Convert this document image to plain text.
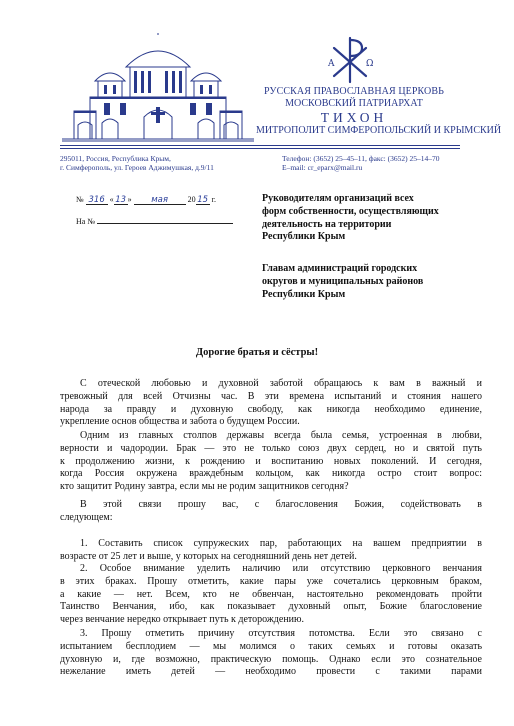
A	Ω
РУССКАЯ ПРАВОСЛАВНАЯ ЦЕРКОВЬ
МОСКОВСКИЙ ПАТРИАРХАТ
ТИХОН
МИТРОПОЛИТ СИМФЕРОПОЛЬСКИЙ И КРЫМСКИЙ
295011, Россия, Республика Крым,
г. Симферополь, ул. Героев Аджимушкая, д.9/11
Телефон: (3652) 25–45–11, факс: (3652) 25–14–70
E–mail: cr_eparx@mail.ru
№ 316 « 13 » мая 20 15 г.
На №
Руководителям организаций всех
форм собственности, осуществляющих
деятельность на территории
Республики Крым
Главам администраций городских
округов и муниципальных районов
Республики Крым
Дорогие братья и сёстры!
С отеческой любовью и духовной заботой обращаюсь к вам в важный и
тревожный для всей Отчизны час. В эти времена испытаний и стояния нашего
народа за правду и духовную свободу, как никогда необходимо единение,
укрепление основ общества и забота о будущем России.
Одним из главных столпов державы всегда была семья, устроенная в любви,
верности и чадородии. Брак — это не только союз двух сердец, но и святой путь
к продолжению жизни, к рождению и воспитанию новых поколений. И сегодня,
когда Россия окружена враждебным кольцом, как никогда остро стоит вопрос:
кто защитит Родину завтра, если мы не родим защитников сегодня?
В этой связи прошу вас, с благословения Божия, содействовать в
следующем:
1. Составить список супружеских пар, работающих на вашем предприятии в
возрасте от 25 лет и выше, у которых на сегодняшний день нет детей.
2. Особое внимание уделить наличию или отсутствию церковного венчания
в этих браках. Прошу отметить, какие пары уже сочетались церковным браком,
а какие — нет. Всем, кто не обвенчан, настоятельно рекомендовать пройти
Таинство Венчания, ибо, как показывает духовный опыт, Божие благословение
через венчание нередко открывает путь к деторождению.
3. Прошу отметить причину отсутствия потомства. Если это связано с
испытанием бесплодием — мы молимся о таких семьях и готовы оказать
духовную и, где возможно, практическую помощь. Однако если это сознательное
нежелание иметь детей — необходимо провести с такими парами
